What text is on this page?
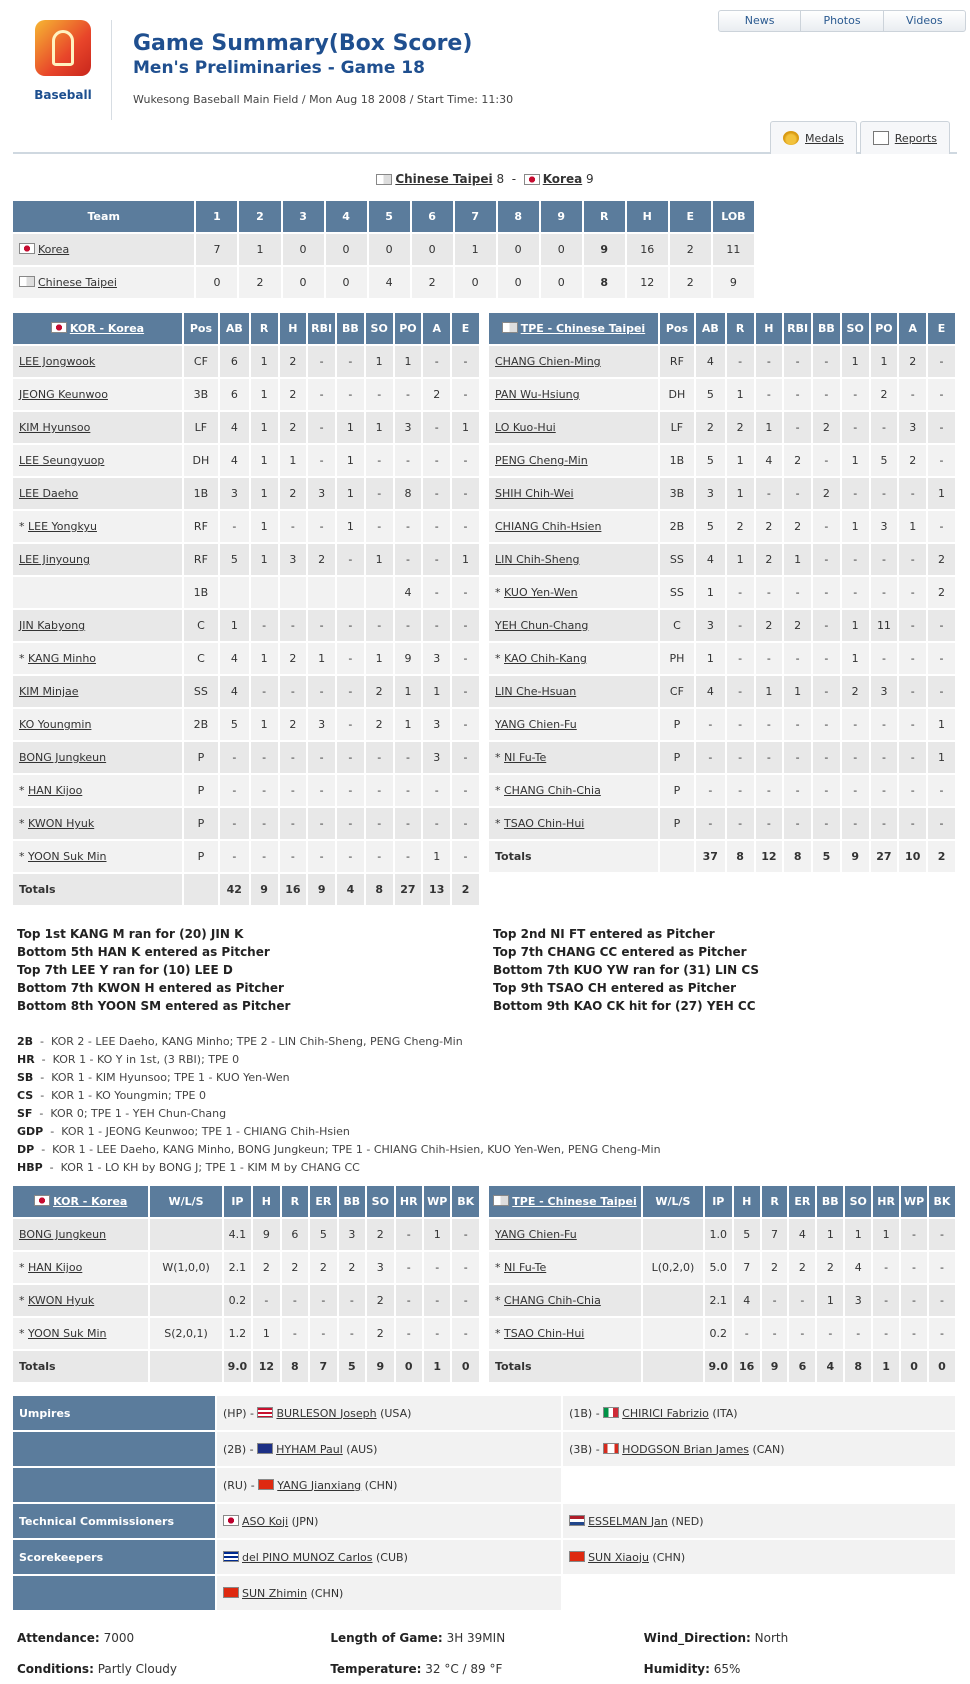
Baseball
Game Summary(Box Score)
Men's Preliminaries - Game 18
Wukesong Baseball Main Field / Mon Aug 18 2008 / Start Time: 11:30
News	Photos	Videos
Medals	Reports
Chinese Taipei 8 - Korea 9
Team	1	2	3	4	5	6	7	8	9	R	H	E	LOB
Korea	7	1	0	0	0	0	1	0	0	9	16	2	11
Chinese Taipei	0	2	0	0	4	2	0	0	0	8	12	2	9
KOR - Korea	Pos	AB	R	H	RBI	BB	SO	PO	A	E
LEE Jongwook	CF	6	1	2	-	-	1	1	-	-
JEONG Keunwoo	3B	6	1	2	-	-	-	-	2	-
KIM Hyunsoo	LF	4	1	2	-	1	1	3	-	1
LEE Seungyuop	DH	4	1	1	-	1	-	-	-	-
LEE Daeho	1B	3	1	2	3	1	-	8	-	-
* LEE Yongkyu	RF	-	1	-	-	1	-	-	-	-
LEE Jinyoung	RF	5	1	3	2	-	1	-	-	1
	1B							4	-	-
JIN Kabyong	C	1	-	-	-	-	-	-	-	-
* KANG Minho	C	4	1	2	1	-	1	9	3	-
KIM Minjae	SS	4	-	-	-	-	2	1	1	-
KO Youngmin	2B	5	1	2	3	-	2	1	3	-
BONG Jungkeun	P	-	-	-	-	-	-	-	3	-
* HAN Kijoo	P	-	-	-	-	-	-	-	-	-
* KWON Hyuk	P	-	-	-	-	-	-	-	-	-
* YOON Suk Min	P	-	-	-	-	-	-	-	1	-
Totals		42	9	16	9	4	8	27	13	2
TPE - Chinese Taipei	Pos	AB	R	H	RBI	BB	SO	PO	A	E
CHANG Chien-Ming	RF	4	-	-	-	-	1	1	2	-
PAN Wu-Hsiung	DH	5	1	-	-	-	-	2	-	-
LO Kuo-Hui	LF	2	2	1	-	2	-	-	3	-
PENG Cheng-Min	1B	5	1	4	2	-	1	5	2	-
SHIH Chih-Wei	3B	3	1	-	-	2	-	-	-	1
CHIANG Chih-Hsien	2B	5	2	2	2	-	1	3	1	-
LIN Chih-Sheng	SS	4	1	2	1	-	-	-	-	2
* KUO Yen-Wen	SS	1	-	-	-	-	-	-	-	2
YEH Chun-Chang	C	3	-	2	2	-	1	11	-	-
* KAO Chih-Kang	PH	1	-	-	-	-	1	-	-	-
LIN Che-Hsuan	CF	4	-	1	1	-	2	3	-	-
YANG Chien-Fu	P	-	-	-	-	-	-	-	-	1
* NI Fu-Te	P	-	-	-	-	-	-	-	-	1
* CHANG Chih-Chia	P	-	-	-	-	-	-	-	-	-
* TSAO Chin-Hui	P	-	-	-	-	-	-	-	-	-
Totals		37	8	12	8	5	9	27	10	2
Top 1st KANG M ran for (20) JIN K
Bottom 5th HAN K entered as Pitcher
Top 7th LEE Y ran for (10) LEE D
Bottom 7th KWON H entered as Pitcher
Bottom 8th YOON SM entered as Pitcher
Top 2nd NI FT entered as Pitcher
Top 7th CHANG CC entered as Pitcher
Bottom 7th KUO YW ran for (31) LIN CS
Top 9th TSAO CH entered as Pitcher
Bottom 9th KAO CK hit for (27) YEH CC
2B  -  KOR 2 - LEE Daeho, KANG Minho; TPE 2 - LIN Chih-Sheng, PENG Cheng-Min
HR  -  KOR 1 - KO Y in 1st, (3 RBI); TPE 0
SB  -  KOR 1 - KIM Hyunsoo; TPE 1 - KUO Yen-Wen
CS  -  KOR 1 - KO Youngmin; TPE 0
SF  -  KOR 0; TPE 1 - YEH Chun-Chang
GDP  -  KOR 1 - JEONG Keunwoo; TPE 1 - CHIANG Chih-Hsien
DP  -  KOR 1 - LEE Daeho, KANG Minho, BONG Jungkeun; TPE 1 - CHIANG Chih-Hsien, KUO Yen-Wen, PENG Cheng-Min
HBP  -  KOR 1 - LO KH by BONG J; TPE 1 - KIM M by CHANG CC
KOR - Korea	W/L/S	IP	H	R	ER	BB	SO	HR	WP	BK
BONG Jungkeun		4.1	9	6	5	3	2	-	1	-
* HAN Kijoo	W(1,0,0)	2.1	2	2	2	2	3	-	-	-
* KWON Hyuk		0.2	-	-	-	-	2	-	-	-
* YOON Suk Min	S(2,0,1)	1.2	1	-	-	-	2	-	-	-
Totals		9.0	12	8	7	5	9	0	1	0
TPE - Chinese Taipei	W/L/S	IP	H	R	ER	BB	SO	HR	WP	BK
YANG Chien-Fu		1.0	5	7	4	1	1	1	-	-
* NI Fu-Te	L(0,2,0)	5.0	7	2	2	2	4	-	-	-
* CHANG Chih-Chia		2.1	4	-	-	1	3	-	-	-
* TSAO Chin-Hui		0.2	-	-	-	-	-	-	-	-
Totals		9.0	16	9	6	4	8	1	0	0
Umpires	(HP) - BURLESON Joseph (USA)	(1B) - CHIRICI Fabrizio (ITA)
	(2B) - HYHAM Paul (AUS)	(3B) - HODGSON Brian James (CAN)
	(RU) - YANG Jianxiang (CHN)	
Technical Commissioners	ASO Koji (JPN)	ESSELMAN Jan (NED)
Scorekeepers	del PINO MUNOZ Carlos (CUB)	SUN Xiaoju (CHN)
	SUN Zhimin (CHN)	
Attendance: 7000	Length of Game: 3H 39MIN	Wind_Direction: North
Conditions: Partly Cloudy	Temperature: 32 °C / 89 °F	Humidity: 65%
